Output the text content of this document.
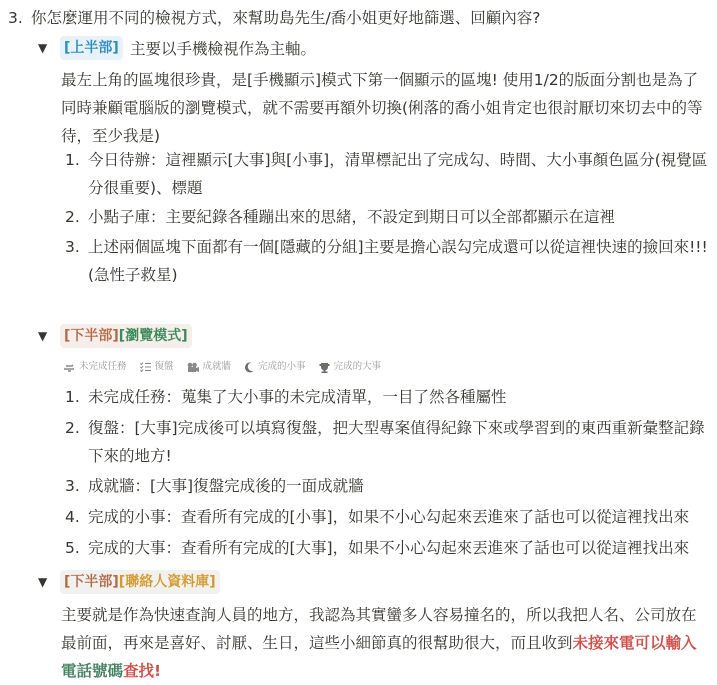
3. 你怎麼運用不同的檢視方式，來幫助島先生/喬小姐更好地篩選、回顧內容?
▼ [上半部] 主要以手機檢視作為主軸。
最左上角的區塊很珍貴，是[手機顯示]模式下第一個顯示的區塊! 使用1/2的版面分割也是為了同時兼顧電腦版的瀏覽模式，就不需要再額外切換(俐落的喬小姐肯定也很討厭切來切去中的等待，至少我是)
1. 今日待辦：這裡顯示[大事]與[小事]，清單標記出了完成勾、時間、大小事顏色區分(視覺區分很重要)、標題
2. 小點子庫：主要紀錄各種蹦出來的思緒，不設定到期日可以全部都顯示在這裡
3. 上述兩個區塊下面都有一個[隱藏的分組]主要是擔心誤勾完成還可以從這裡快速的撿回來!!!(急性子救星)
▼ [下半部][瀏覽模式]
未完成任務	復盤	成就牆	完成的小事	完成的大事
1. 未完成任務：蒐集了大小事的未完成清單，一目了然各種屬性
2. 復盤：[大事]完成後可以填寫復盤，把大型專案值得紀錄下來或學習到的東西重新彙整記錄下來的地方!
3. 成就牆：[大事]復盤完成後的一面成就牆
4. 完成的小事：查看所有完成的[小事]，如果不小心勾起來丟進來了話也可以從這裡找出來
5. 完成的大事：查看所有完成的[大事]，如果不小心勾起來丟進來了話也可以從這裡找出來
▼ [下半部][聯絡人資料庫]
主要就是作為快速查詢人員的地方，我認為其實蠻多人容易撞名的，所以我把人名、公司放在最前面，再來是喜好、討厭、生日，這些小細節真的很幫助很大，而且收到未接來電可以輸入電話號碼查找!
